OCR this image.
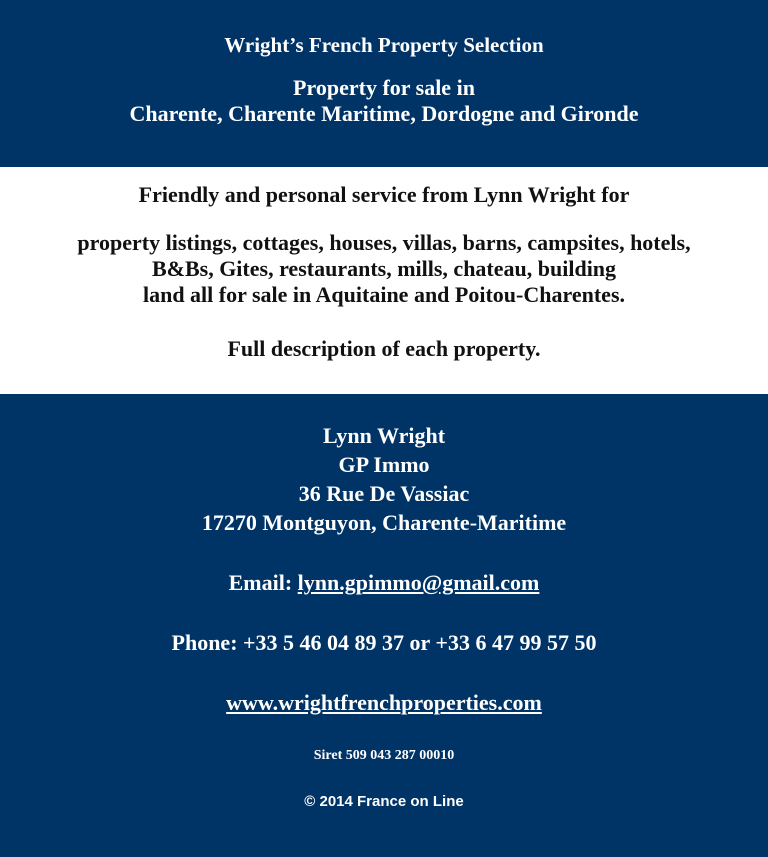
Wright’s French Property Selection
Property for sale in
Charente, Charente Maritime, Dordogne and Gironde
Friendly and personal service from Lynn Wright for
property listings, cottages, houses, villas, barns, campsites, hotels,
B&Bs, Gites, restaurants, mills, chateau, building
land all for sale in Aquitaine and Poitou-Charentes.
Full description of each property.
Lynn Wright
GP Immo
36 Rue De Vassiac
17270 Montguyon, Charente-Maritime
Email: lynn.gpimmo@gmail.com
Phone: +33 5 46 04 89 37 or +33 6 47 99 57 50
www.wrightfrenchproperties.com
Siret 509 043 287 00010
© 2014 France on Line
